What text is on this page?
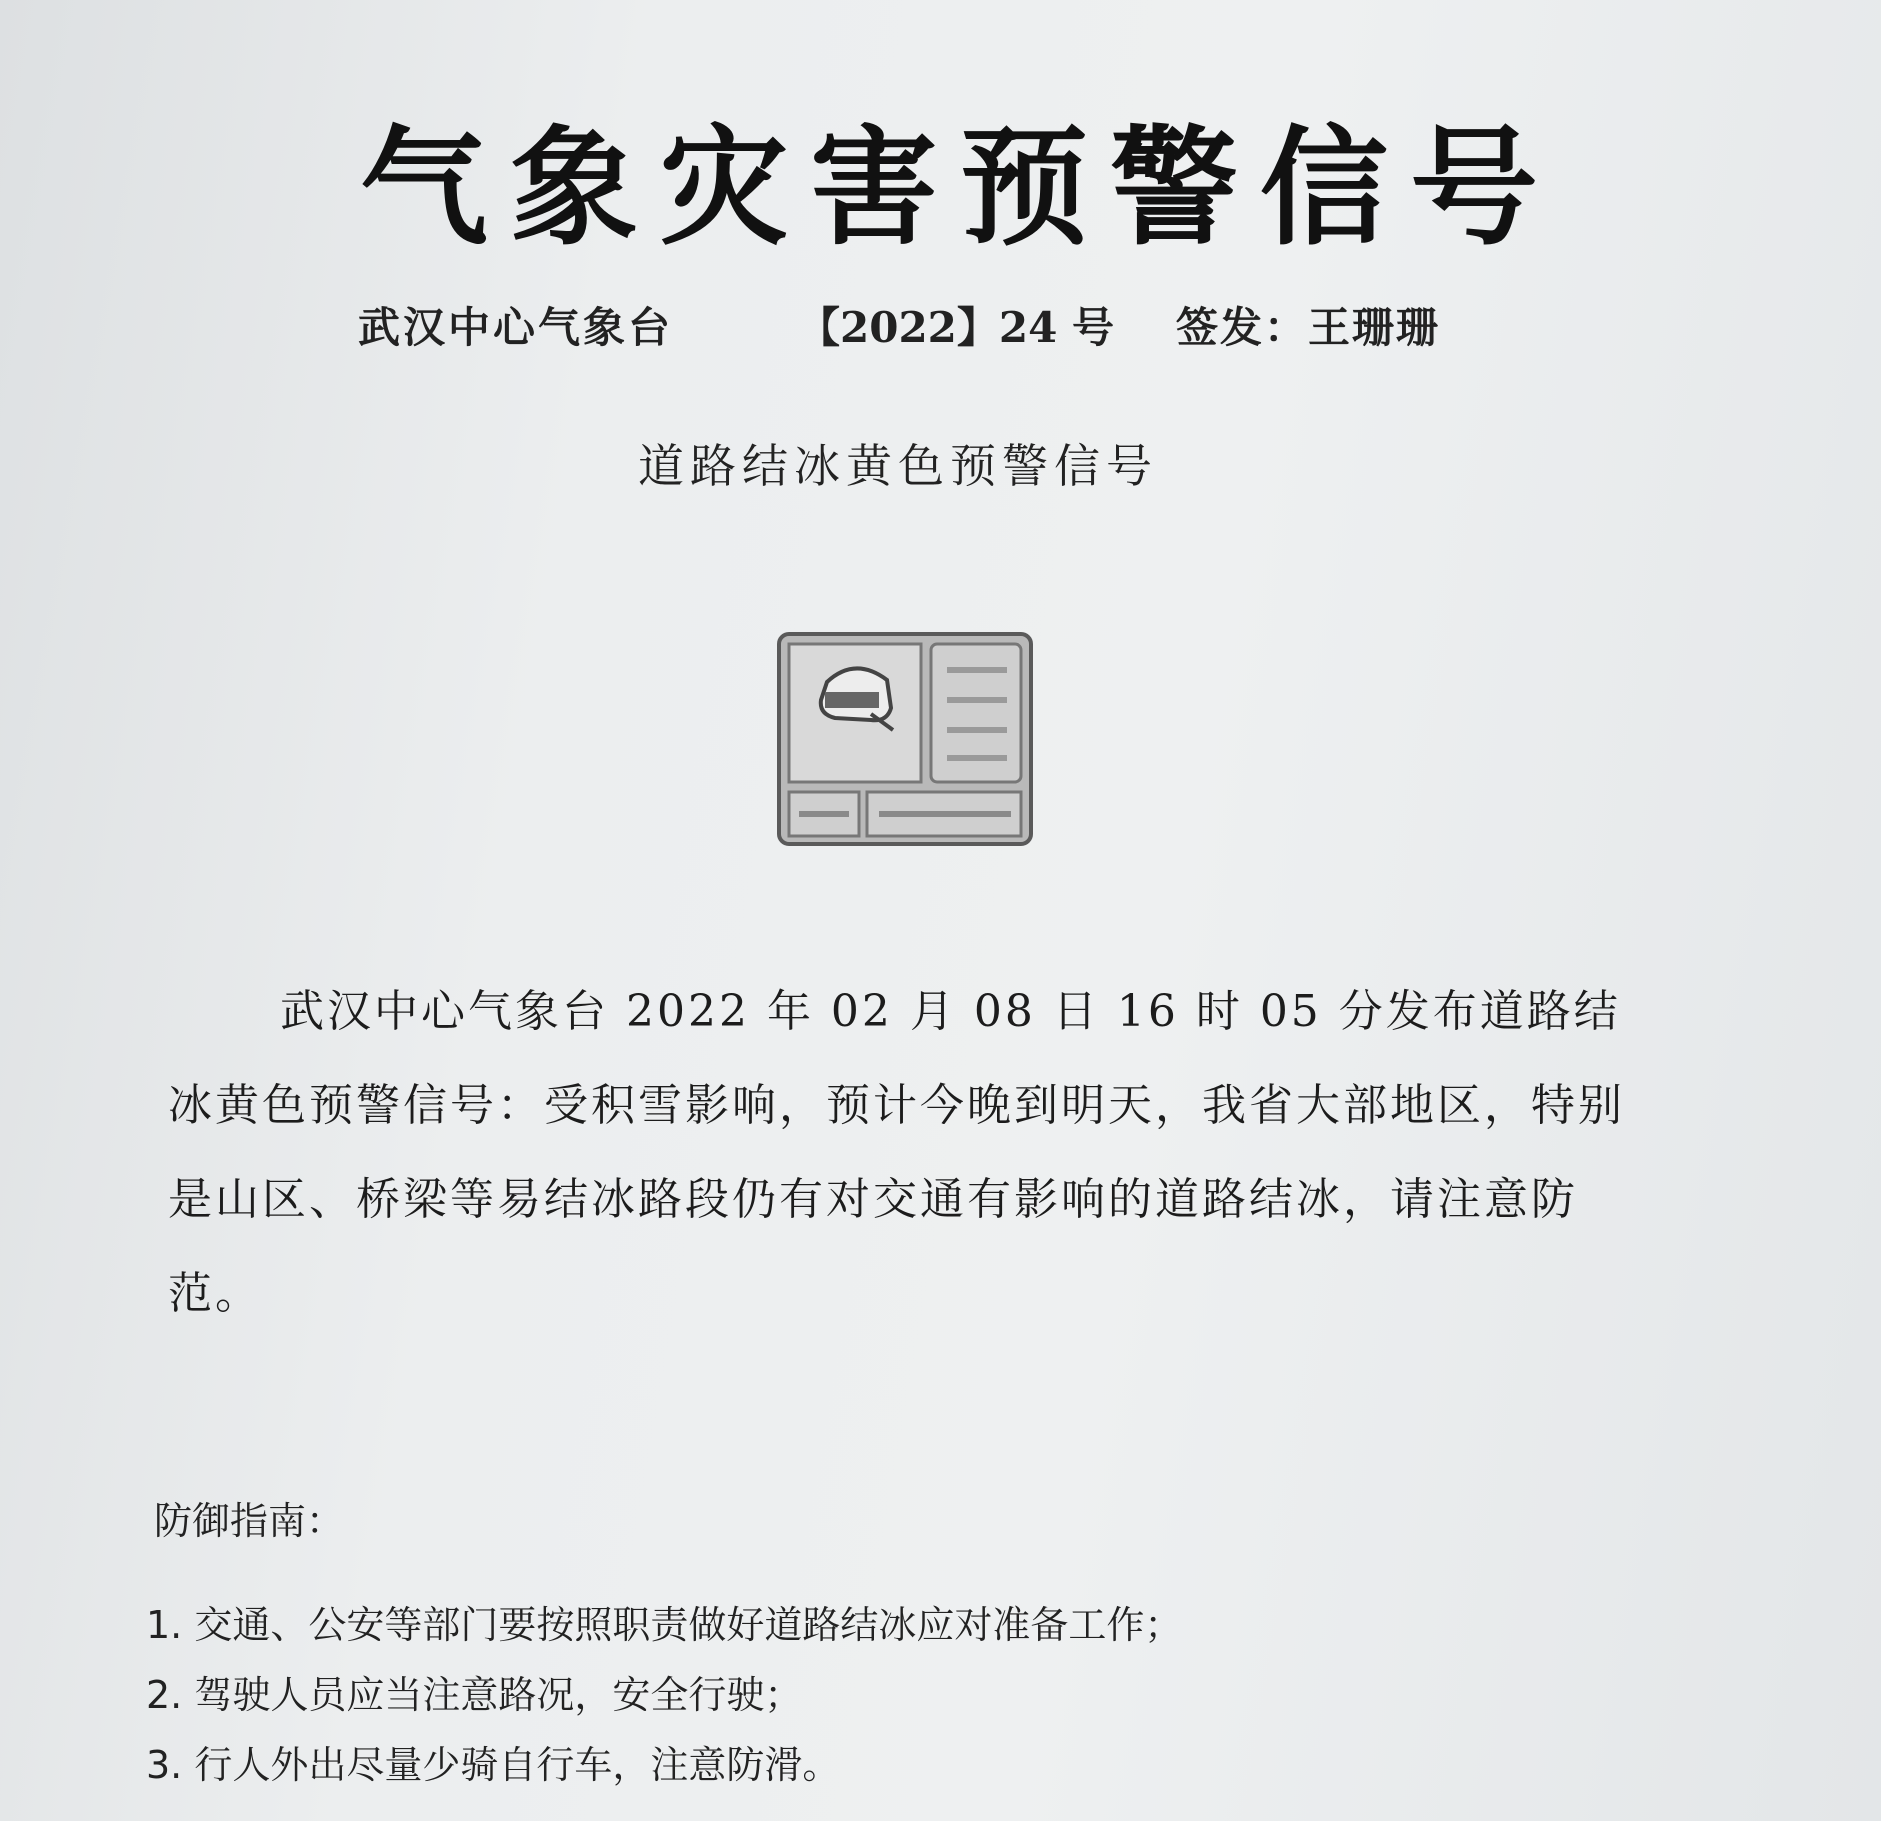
气象灾害预警信号
武汉中心气象台	【2022】24 号 签发：王珊珊
道路结冰黄色预警信号
武汉中心气象台 2022 年 02 月 08 日 16 时 05 分发布道路结冰黄色预警信号：受积雪影响，预计今晚到明天，我省大部地区，特别是山区、桥梁等易结冰路段仍有对交通有影响的道路结冰，请注意防范。
防御指南：
1. 交通、公安等部门要按照职责做好道路结冰应对准备工作；
2. 驾驶人员应当注意路况，安全行驶；
3. 行人外出尽量少骑自行车，注意防滑。
